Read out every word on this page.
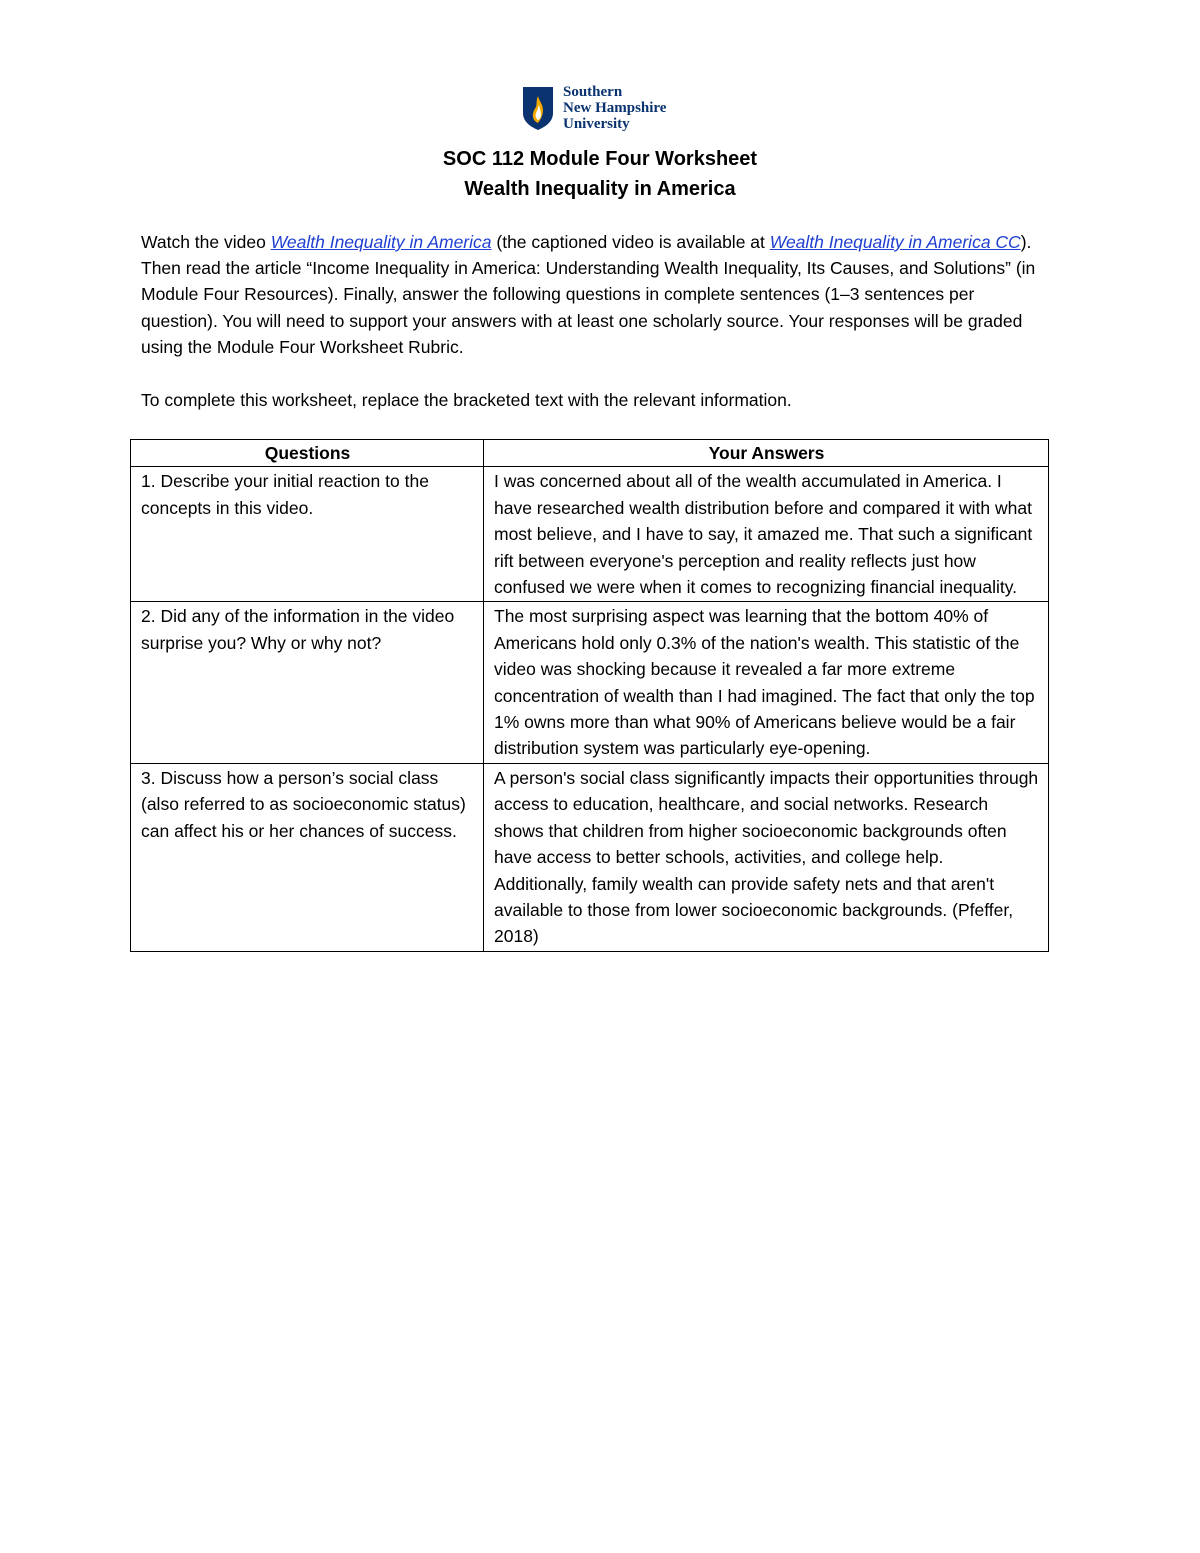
Southern
New Hampshire
University
SOC 112 Module Four Worksheet
Wealth Inequality in America

Watch the video Wealth Inequality in America (the captioned video is available at Wealth Inequality in America CC). Then read the article “Income Inequality in America: Understanding Wealth Inequality, Its Causes, and Solutions” (in Module Four Resources). Finally, answer the following questions in complete sentences (1–3 sentences per question). You will need to support your answers with at least one scholarly source. Your responses will be graded using the Module Four Worksheet Rubric.

To complete this worksheet, replace the bracketed text with the relevant information.

Questions	Your Answers
1. Describe your initial reaction to the concepts in this video.	I was concerned about all of the wealth accumulated in America. I have researched wealth distribution before and compared it with what most believe, and I have to say, it amazed me. That such a significant rift between everyone's perception and reality reflects just how confused we were when it comes to recognizing financial inequality.
2. Did any of the information in the video surprise you? Why or why not?	The most surprising aspect was learning that the bottom 40% of Americans hold only 0.3% of the nation's wealth. This statistic of the video was shocking because it revealed a far more extreme concentration of wealth than I had imagined. The fact that only the top 1% owns more than what 90% of Americans believe would be a fair distribution system was particularly eye-opening.
3. Discuss how a person’s social class (also referred to as socioeconomic status) can affect his or her chances of success.	A person's social class significantly impacts their opportunities through access to education, healthcare, and social networks. Research shows that children from higher socioeconomic backgrounds often have access to better schools, activities, and college help. Additionally, family wealth can provide safety nets and that aren't available to those from lower socioeconomic backgrounds. (Pfeffer, 2018)
